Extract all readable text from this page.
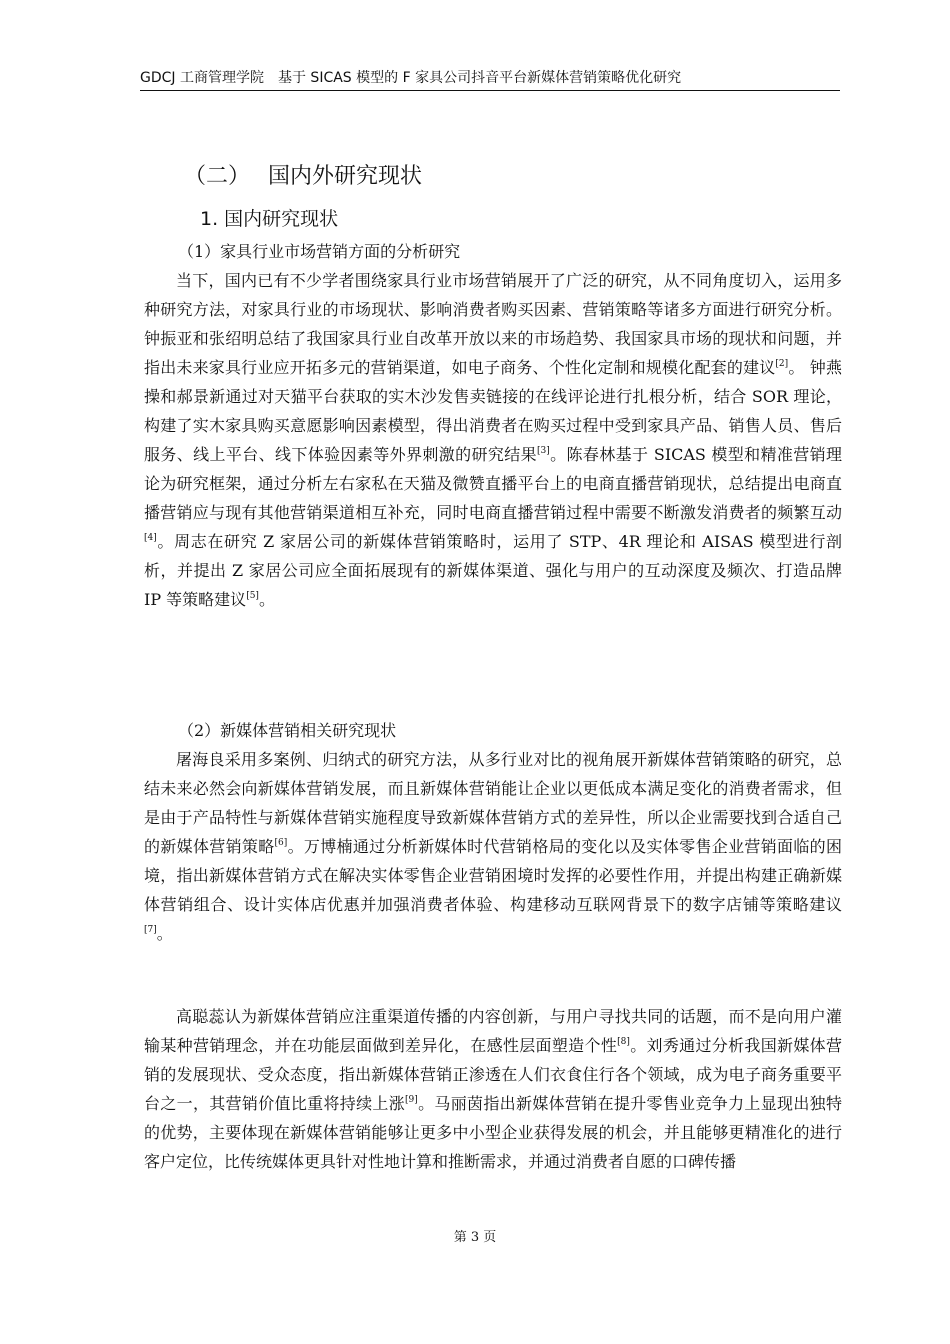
GDCJ 工商管理学院 基于 SICAS 模型的 F 家具公司抖音平台新媒体营销策略优化研究
（二） 国内外研究现状
1. 国内研究现状
（1）家具行业市场营销方面的分析研究

当下，国内已有不少学者围绕家具行业市场营销展开了广泛的研究，从不同角度切入，运用多种研究方法，对家具行业的市场现状、影响消费者购买因素、营销策略等诸多方面进行研究分析。钟振亚和张绍明总结了我国家具行业自改革开放以来的市场趋势、我国家具市场的现状和问题，并指出未来家具行业应开拓多元的营销渠道，如电子商务、个性化定制和规模化配套的建议[2]。 钟燕操和郝景新通过对天猫平台获取的实木沙发售卖链接的在线评论进行扎根分析，结合 SOR 理论，构建了实木家具购买意愿影响因素模型，得出消费者在购买过程中受到家具产品、销售人员、售后服务、线上平台、线下体验因素等外界刺激的研究结果[3]。陈春林基于 SICAS 模型和精准营销理论为研究框架，通过分析左右家私在天猫及微赞直播平台上的电商直播营销现状，总结提出电商直播营销应与现有其他营销渠道相互补充，同时电商直播营销过程中需要不断激发消费者的频繁互动[4]。周志在研究 Z 家居公司的新媒体营销策略时，运用了 STP、4R 理论和 AISAS 模型进行剖析，并提出 Z 家居公司应全面拓展现有的新媒体渠道、强化与用户的互动深度及频次、打造品牌 IP 等策略建议[5]。

（2）新媒体营销相关研究现状

屠海良采用多案例、归纳式的研究方法，从多行业对比的视角展开新媒体营销策略的研究，总结未来必然会向新媒体营销发展，而且新媒体营销能让企业以更低成本满足变化的消费者需求，但是由于产品特性与新媒体营销实施程度导致新媒体营销方式的差异性，所以企业需要找到合适自己的新媒体营销策略[6]。万博楠通过分析新媒体时代营销格局的变化以及实体零售企业营销面临的困境，指出新媒体营销方式在解决实体零售企业营销困境时发挥的必要性作用，并提出构建正确新媒体营销组合、设计实体店优惠并加强消费者体验、构建移动互联网背景下的数字店铺等策略建议[7]。

高聪蕊认为新媒体营销应注重渠道传播的内容创新，与用户寻找共同的话题，而不是向用户灌输某种营销理念，并在功能层面做到差异化，在感性层面塑造个性[8]。刘秀通过分析我国新媒体营销的发展现状、受众态度，指出新媒体营销正渗透在人们衣食住行各个领域，成为电子商务重要平台之一，其营销价值比重将持续上涨[9]。马丽茵指出新媒体营销在提升零售业竞争力上显现出独特的优势，主要体现在新媒体营销能够让更多中小型企业获得发展的机会，并且能够更精准化的进行客户定位，比传统媒体更具针对性地计算和推断需求，并通过消费者自愿的口碑传播

第 3 页
